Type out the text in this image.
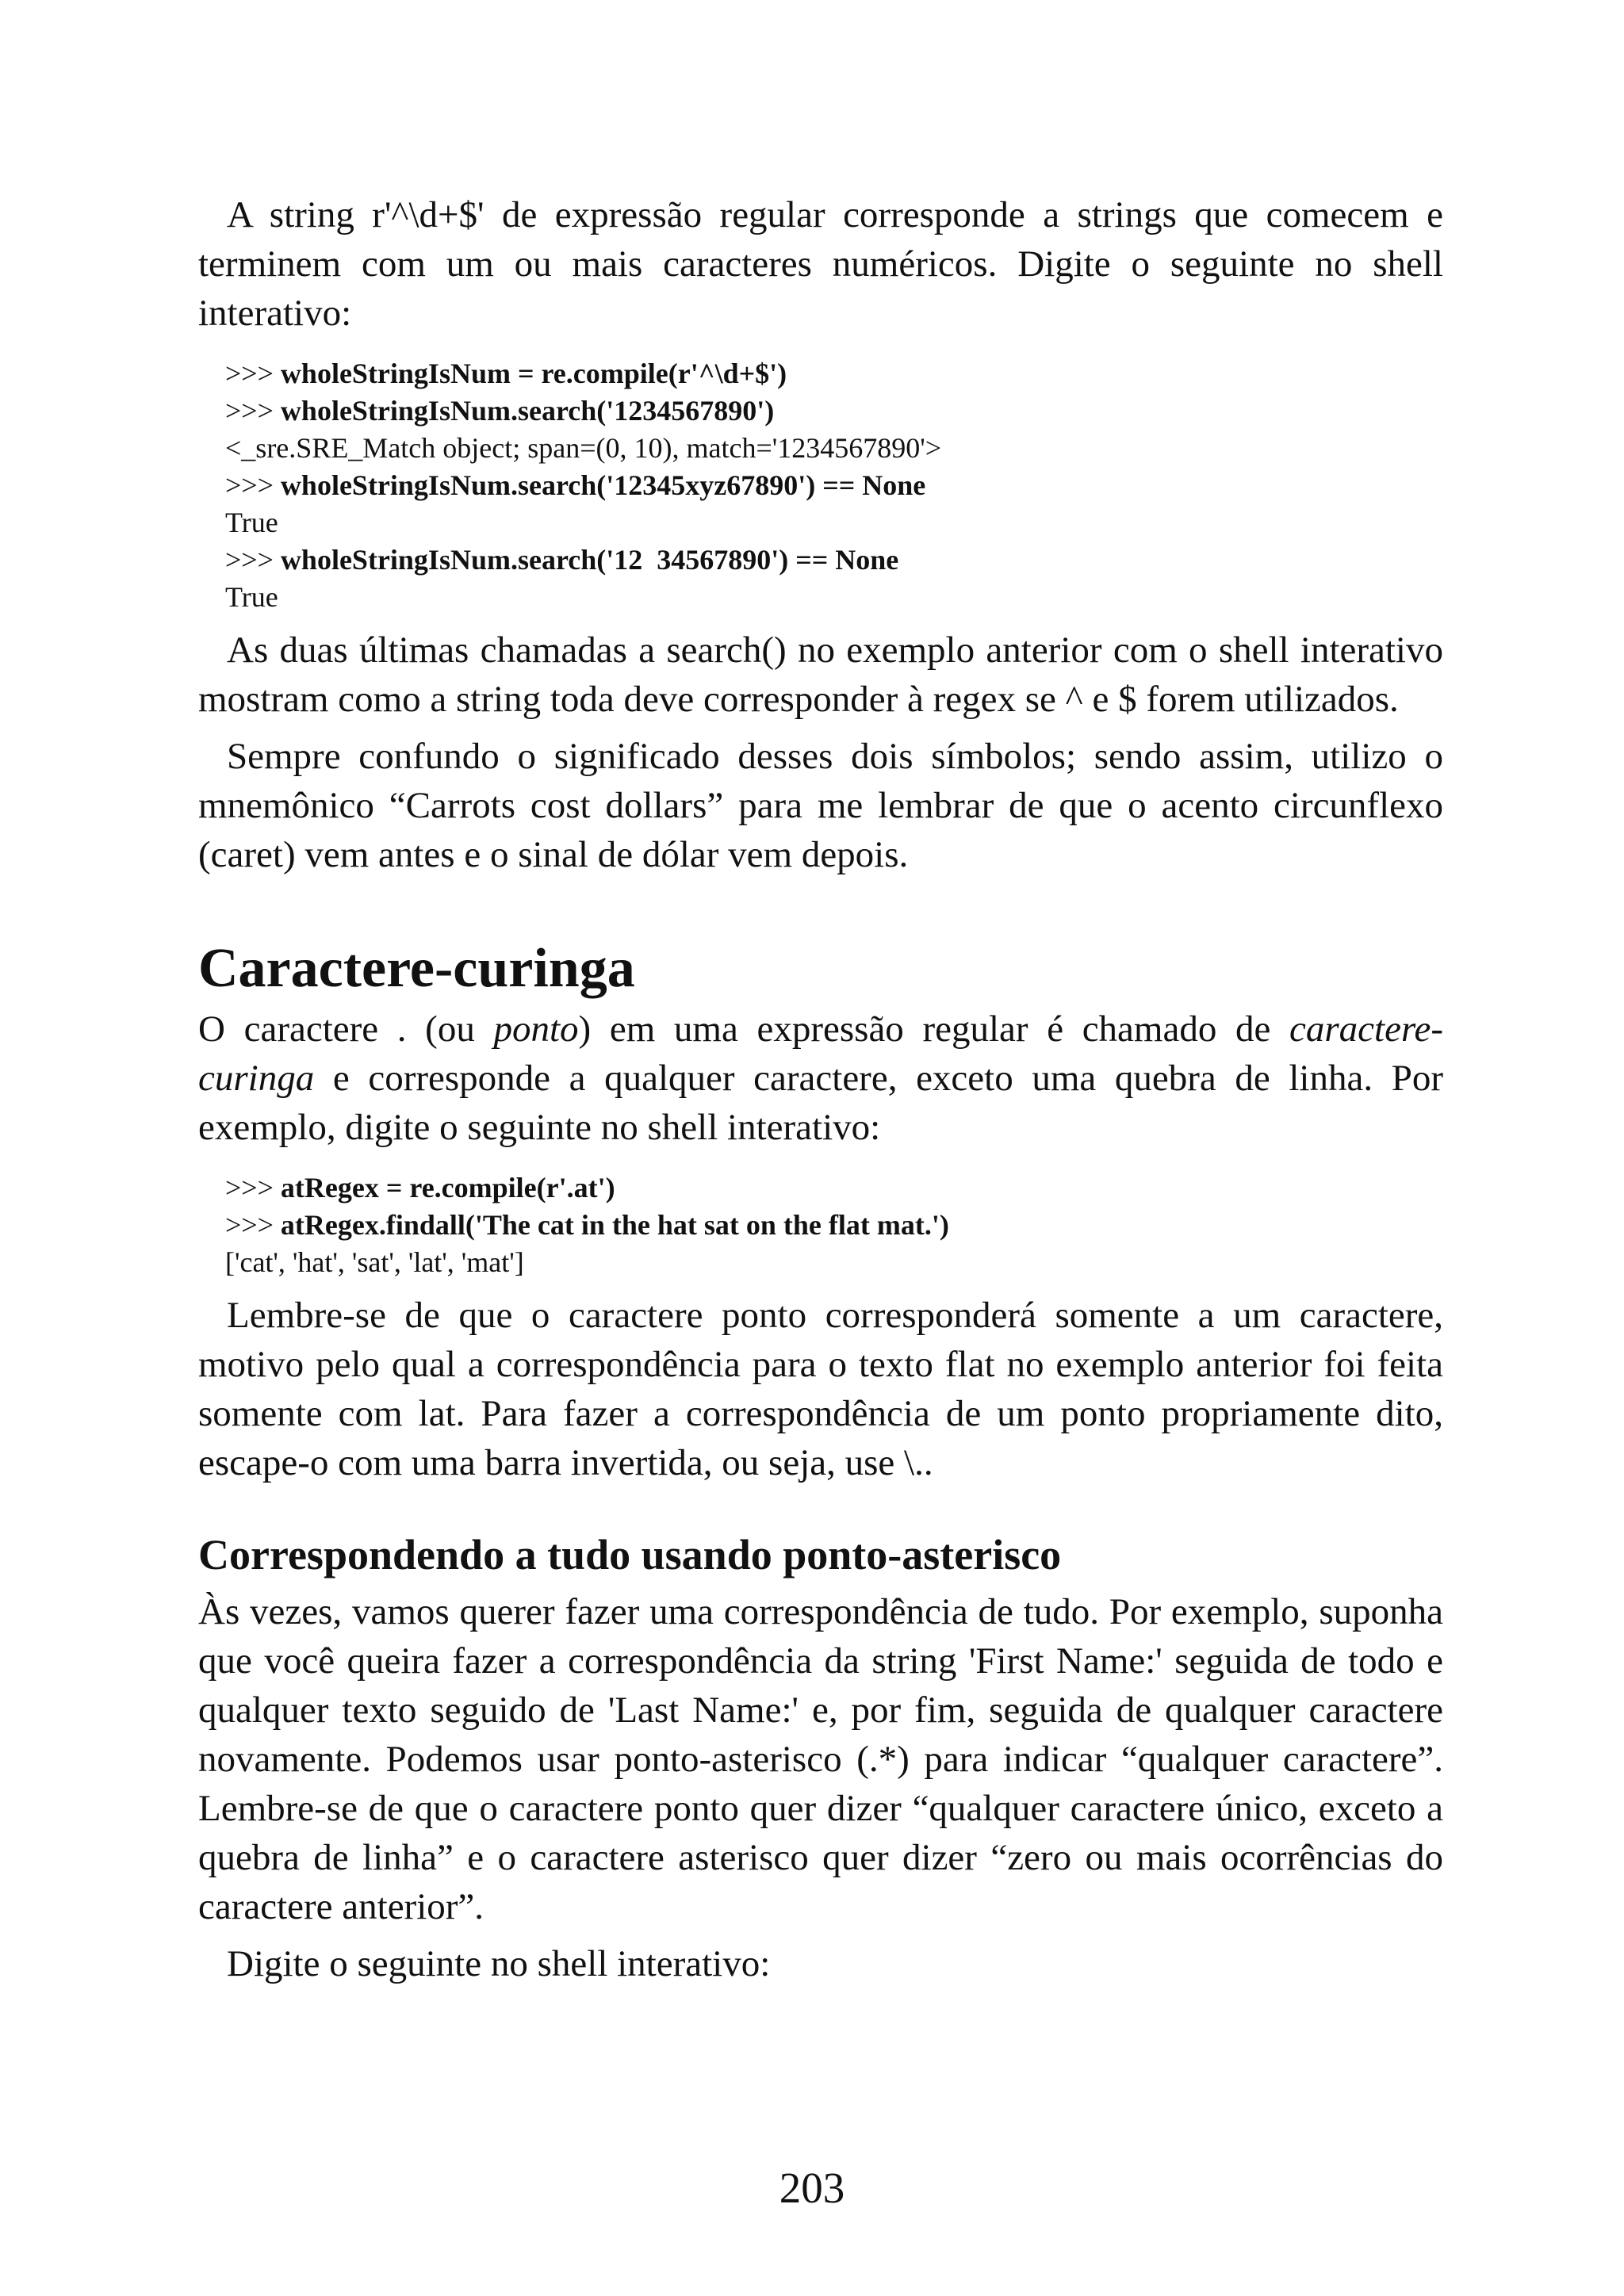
A string r'^\d+$' de expressão regular corresponde a strings que comecem e terminem com um ou mais caracteres numéricos. Digite o seguinte no shell interativo:

>>> wholeStringIsNum = re.compile(r'^\d+$')
>>> wholeStringIsNum.search('1234567890')
<_sre.SRE_Match object; span=(0, 10), match='1234567890'>
>>> wholeStringIsNum.search('12345xyz67890') == None
True
>>> wholeStringIsNum.search('12  34567890') == None
True

As duas últimas chamadas a search() no exemplo anterior com o shell interativo mostram como a string toda deve corresponder à regex se ^ e $ forem utilizados.

Sempre confundo o significado desses dois símbolos; sendo assim, utilizo o mnemônico “Carrots cost dollars” para me lembrar de que o acento circunflexo (caret) vem antes e o sinal de dólar vem depois.

Caractere-curinga

O caractere . (ou ponto) em uma expressão regular é chamado de caractere-curinga e corresponde a qualquer caractere, exceto uma quebra de linha. Por exemplo, digite o seguinte no shell interativo:

>>> atRegex = re.compile(r'.at')
>>> atRegex.findall('The cat in the hat sat on the flat mat.')
['cat', 'hat', 'sat', 'lat', 'mat']

Lembre-se de que o caractere ponto corresponderá somente a um caractere, motivo pelo qual a correspondência para o texto flat no exemplo anterior foi feita somente com lat. Para fazer a correspondência de um ponto propriamente dito, escape-o com uma barra invertida, ou seja, use \..

Correspondendo a tudo usando ponto-asterisco

Às vezes, vamos querer fazer uma correspondência de tudo. Por exemplo, suponha que você queira fazer a correspondência da string 'First Name:' seguida de todo e qualquer texto seguido de 'Last Name:' e, por fim, seguida de qualquer caractere novamente. Podemos usar ponto-asterisco (.*) para indicar “qualquer caractere”. Lembre-se de que o caractere ponto quer dizer “qualquer caractere único, exceto a quebra de linha” e o caractere asterisco quer dizer “zero ou mais ocorrências do caractere anterior”.

Digite o seguinte no shell interativo:

203
